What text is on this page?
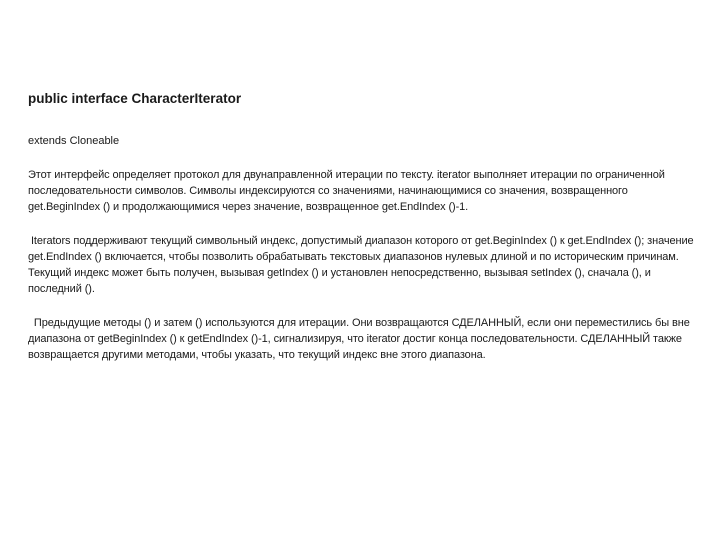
public interface CharacterIterator
extends Cloneable
Этот интерфейс определяет протокол для двунаправленной итерации по тексту. iterator выполняет итерации по ограниченной последовательности символов. Символы индексируются со значениями, начинающимися со значения, возвращенного get.BeginIndex () и продолжающимися через значение, возвращенное get.EndIndex ()-1.
Iterators поддерживают текущий символьный индекс, допустимый диапазон которого от get.BeginIndex () к get.EndIndex (); значение get.EndIndex () включается, чтобы позволить обрабатывать текстовых диапазонов нулевых длиной и по историческим причинам. Текущий индекс может быть получен, вызывая getIndex () и установлен непосредственно, вызывая setIndex (), сначала (), и последний ().
Предыдущие методы () и затем () используются для итерации. Они возвращаются СДЕЛАННЫЙ, если они переместились бы вне диапазона от getBeginIndex () к getEndIndex ()-1, сигнализируя, что iterator достиг конца последовательности. СДЕЛАННЫЙ также возвращается другими методами, чтобы указать, что текущий индекс вне этого диапазона.
